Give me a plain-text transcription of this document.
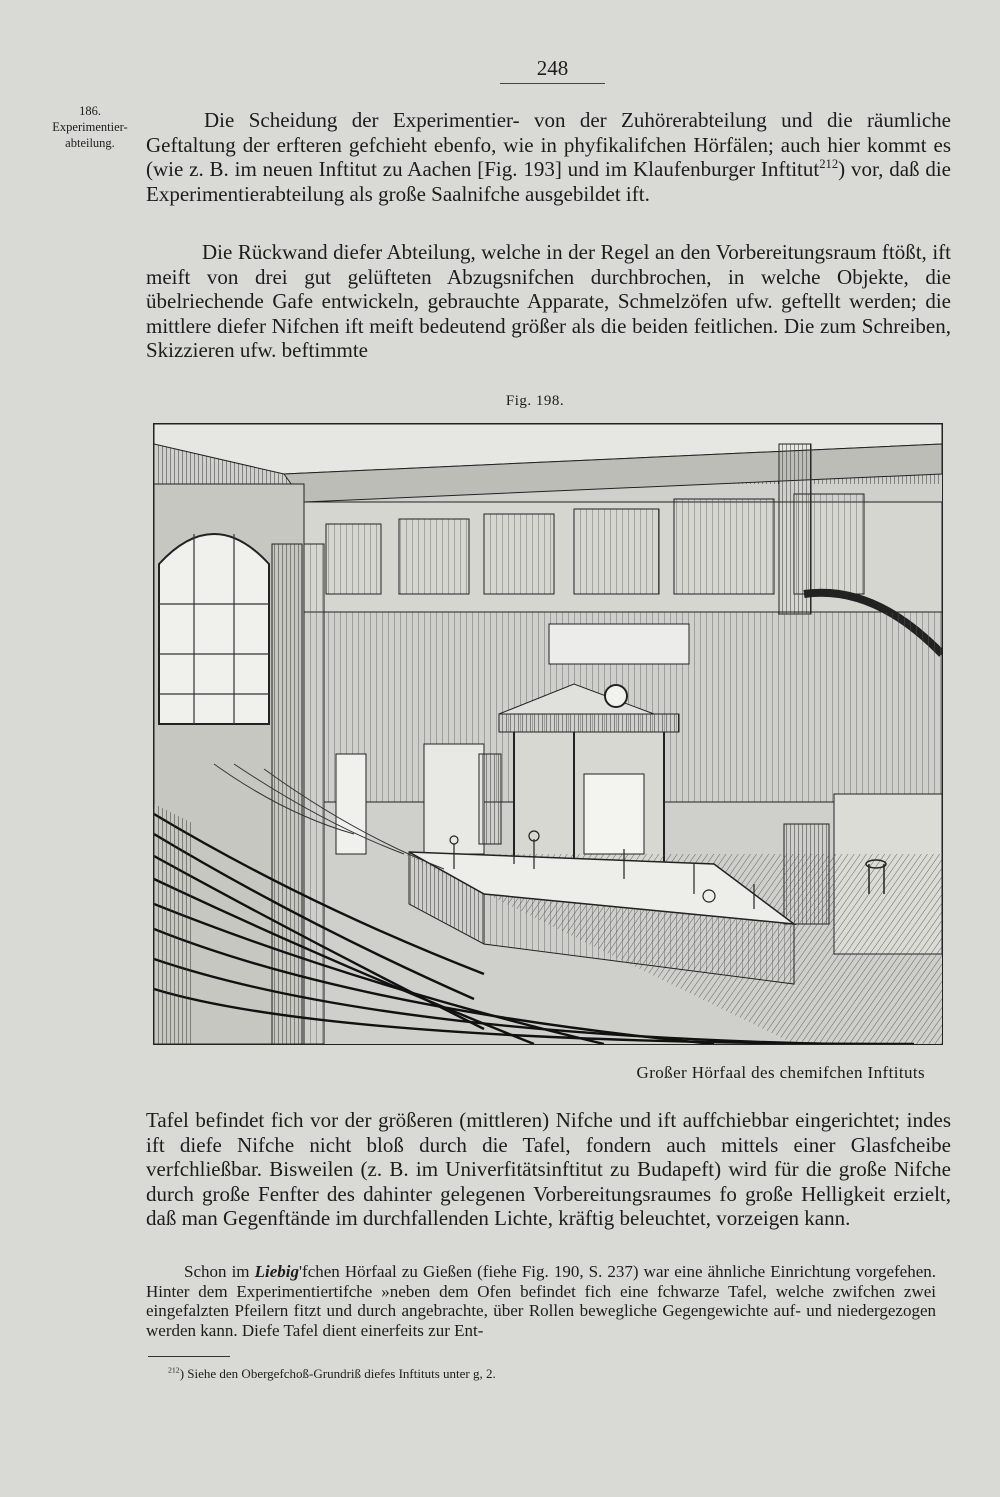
248
186.
Experimentier-abteilung.

Die Scheidung der Experimentier- von der Zuhörerabteilung und die räumliche Geftaltung der erfteren gefchieht ebenfo, wie in phyfikalifchen Hörfälen; auch hier kommt es (wie z. B. im neuen Inftitut zu Aachen [Fig. 193] und im Klaufenburger Inftitut$^{212}$) vor, daß die Experimentierabteilung als große Saalnifche ausgebildet ift.

Die Rückwand diefer Abteilung, welche in der Regel an den Vorbereitungsraum ftößt, ift meift von drei gut gelüfteten Abzugsnifchen durchbrochen, in welche Objekte, die übelriechende Gafe entwickeln, gebrauchte Apparate, Schmelzöfen ufw. geftellt werden; die mittlere diefer Nifchen ift meift bedeutend größer als die beiden feitlichen. Die zum Schreiben, Skizzieren ufw. beftimmte

Fig. 198.
Großer Hörfaal des chemifchen Inftituts

Tafel befindet fich vor der größeren (mittleren) Nifche und ift auffchiebbar eingerichtet; indes ift diefe Nifche nicht bloß durch die Tafel, fondern auch mittels einer Glasfcheibe verfchließbar. Bisweilen (z. B. im Univerfitätsinftitut zu Budapeft) wird für die große Nifche durch große Fenfter des dahinter gelegenen Vorbereitungsraumes fo große Helligkeit erzielt, daß man Gegenftände im durchfallenden Lichte, kräftig beleuchtet, vorzeigen kann.

Schon im Liebig'fchen Hörfaal zu Gießen (fiehe Fig. 190, S. 237) war eine ähnliche Einrichtung vorgefehen. Hinter dem Experimentiertifche »neben dem Ofen befindet fich eine fchwarze Tafel, welche zwifchen zwei eingefalzten Pfeilern fitzt und durch angebrachte, über Rollen bewegliche Gegengewichte auf- und niedergezogen werden kann. Diefe Tafel dient einerfeits zur Ent-

$^{212}$) Siehe den Obergefchoß-Grundriß diefes Inftituts unter g, 2.
